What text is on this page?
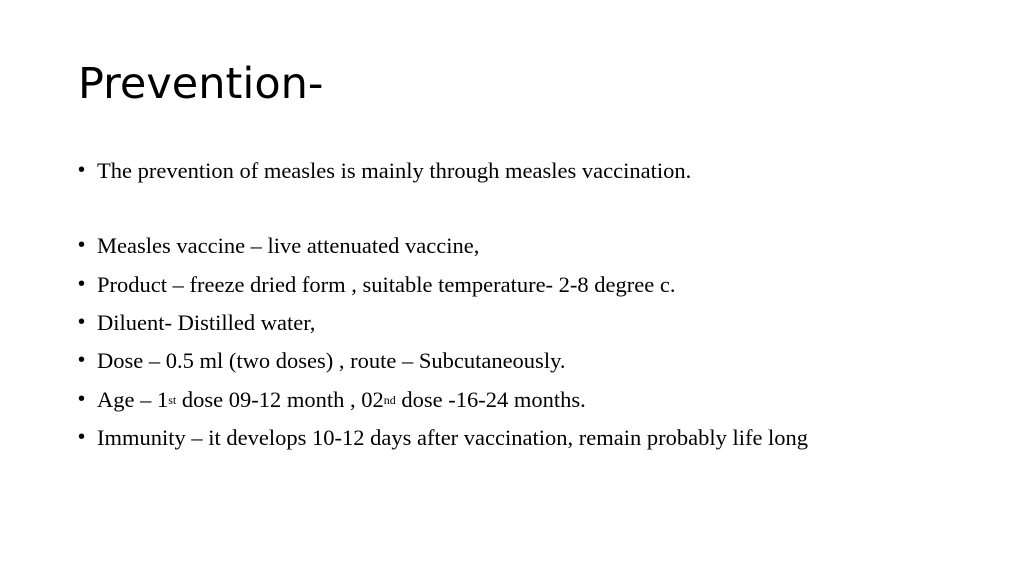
Prevention-
• The prevention of measles is mainly through measles vaccination.
• Measles vaccine – live attenuated vaccine,
• Product – freeze dried form , suitable temperature- 2-8 degree c.
• Diluent- Distilled water,
• Dose – 0.5 ml (two doses) , route – Subcutaneously.
• Age – 1st dose 09-12 month , 02nd dose -16-24 months.
• Immunity – it develops 10-12 days after vaccination, remain probably life long
